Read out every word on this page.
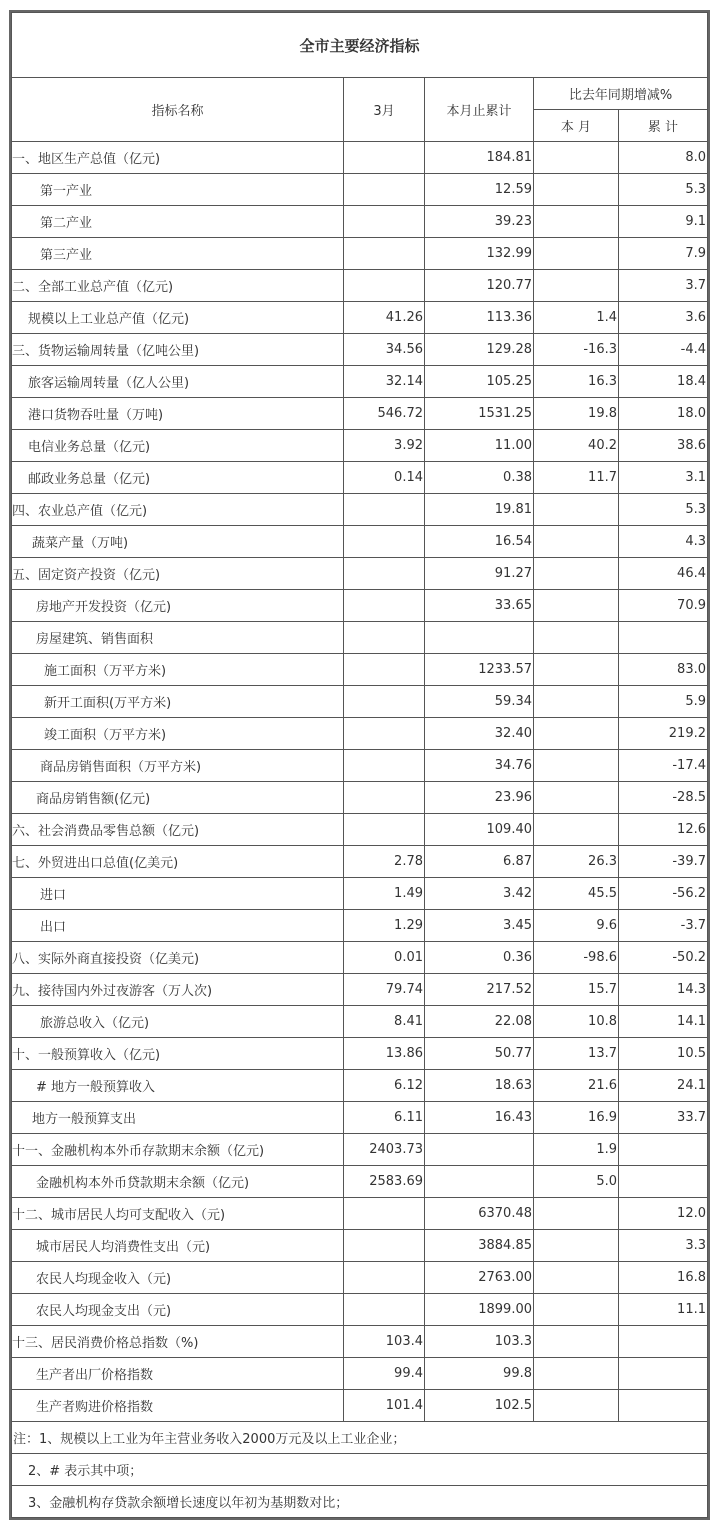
全市主要经济指标				
指标名称	3月	本月止累计	比去年同期增减%	
			本 月	累 计
一、地区生产总值（亿元)		184.81		8.0
第一产业		12.59		5.3
第二产业		39.23		9.1
第三产业		132.99		7.9
二、全部工业总产值（亿元)		120.77		3.7
规模以上工业总产值（亿元)	41.26	113.36	1.4	3.6
三、货物运输周转量（亿吨公里)	34.56	129.28	-16.3	-4.4
旅客运输周转量（亿人公里)	32.14	105.25	16.3	18.4
港口货物吞吐量（万吨)	546.72	1531.25	19.8	18.0
电信业务总量（亿元)	3.92	11.00	40.2	38.6
邮政业务总量（亿元)	0.14	0.38	11.7	3.1
四、农业总产值（亿元)		19.81		5.3
蔬菜产量（万吨)		16.54		4.3
五、固定资产投资（亿元)		91.27		46.4
房地产开发投资（亿元)		33.65		70.9
房屋建筑、销售面积				
施工面积（万平方米)		1233.57		83.0
新开工面积(万平方米)		59.34		5.9
竣工面积（万平方米)		32.40		219.2
商品房销售面积（万平方米)		34.76		-17.4
商品房销售额(亿元)		23.96		-28.5
六、社会消费品零售总额（亿元)		109.40		12.6
七、外贸进出口总值(亿美元)	2.78	6.87	26.3	-39.7
进口	1.49	3.42	45.5	-56.2
出口	1.29	3.45	9.6	-3.7
八、实际外商直接投资（亿美元)	0.01	0.36	-98.6	-50.2
九、接待国内外过夜游客（万人次)	79.74	217.52	15.7	14.3
旅游总收入（亿元)	8.41	22.08	10.8	14.1
十、一般预算收入（亿元)	13.86	50.77	13.7	10.5
# 地方一般预算收入	6.12	18.63	21.6	24.1
地方一般预算支出	6.11	16.43	16.9	33.7
十一、金融机构本外币存款期末余额（亿元)	2403.73		1.9	
金融机构本外币贷款期末余额（亿元)	2583.69		5.0	
十二、城市居民人均可支配收入（元)		6370.48		12.0
城市居民人均消费性支出（元)		3884.85		3.3
农民人均现金收入（元)		2763.00		16.8
农民人均现金支出（元)		1899.00		11.1
十三、居民消费价格总指数（%)	103.4	103.3		
生产者出厂价格指数	99.4	99.8		
生产者购进价格指数	101.4	102.5		
注：1、规模以上工业为年主营业务收入2000万元及以上工业企业；				
2、# 表示其中项；				
3、金融机构存贷款余额增长速度以年初为基期数对比；				
